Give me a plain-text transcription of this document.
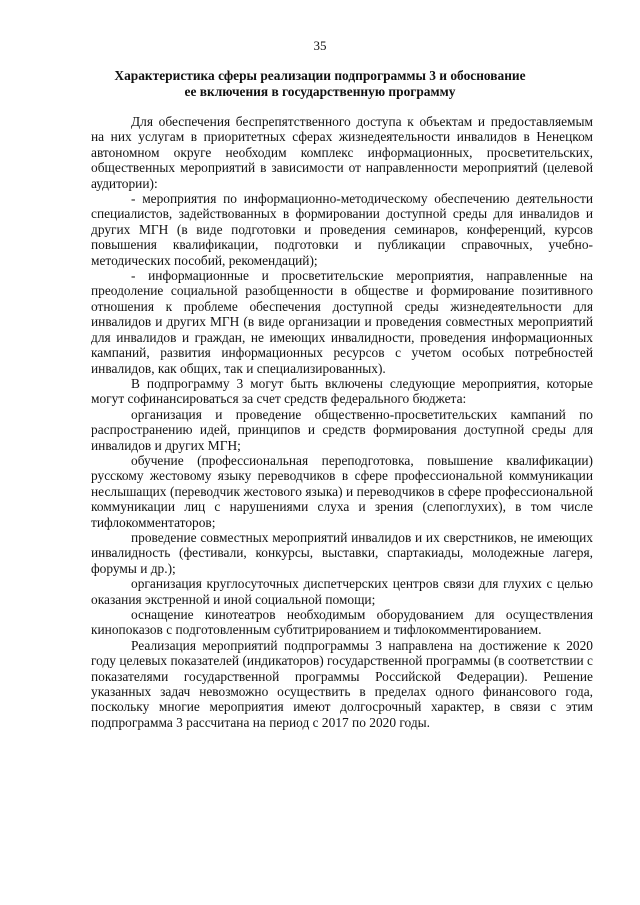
35
Характеристика сферы реализации подпрограммы 3 и обоснование
ее включения в государственную программу

Для обеспечения беспрепятственного доступа к объектам и предоставляемым на них услугам в приоритетных сферах жизнедеятельности инвалидов в Ненецком автономном округе необходим комплекс информационных, просветительских, общественных мероприятий в зависимости от направленности мероприятий (целевой аудитории):

- мероприятия по информационно-методическому обеспечению деятельности специалистов, задействованных в формировании доступной среды для инвалидов и других МГН (в виде подготовки и проведения семинаров, конференций, курсов повышения квалификации, подготовки и публикации справочных, учебно-методических пособий, рекомендаций);

- информационные и просветительские мероприятия, направленные на преодоление социальной разобщенности в обществе и формирование позитивного отношения к проблеме обеспечения доступной среды жизнедеятельности для инвалидов и других МГН (в виде организации и проведения совместных мероприятий для инвалидов и граждан, не имеющих инвалидности, проведения информационных кампаний, развития информационных ресурсов с учетом особых потребностей инвалидов, как общих, так и специализированных).

В подпрограмму 3 могут быть включены следующие мероприятия, которые могут софинансироваться за счет средств федерального бюджета:

организация и проведение общественно-просветительских кампаний по распространению идей, принципов и средств формирования доступной среды для инвалидов и других МГН;

обучение (профессиональная переподготовка, повышение квалификации) русскому жестовому языку переводчиков в сфере профессиональной коммуникации неслышащих (переводчик жестового языка) и переводчиков в сфере профессиональной коммуникации лиц с нарушениями слуха и зрения (слепоглухих), в том числе тифлокомментаторов;

проведение совместных мероприятий инвалидов и их сверстников, не имеющих инвалидность (фестивали, конкурсы, выставки, спартакиады, молодежные лагеря, форумы и др.);

организация круглосуточных диспетчерских центров связи для глухих с целью оказания экстренной и иной социальной помощи;

оснащение кинотеатров необходимым оборудованием для осуществления кинопоказов с подготовленным субтитрированием и тифлокомментированием.

Реализация мероприятий подпрограммы 3 направлена на достижение к 2020 году целевых показателей (индикаторов) государственной программы (в соответствии с показателями государственной программы Российской Федерации). Решение указанных задач невозможно осуществить в пределах одного финансового года, поскольку многие мероприятия имеют долгосрочный характер, в связи с этим подпрограмма 3 рассчитана на период с 2017 по 2020 годы.
